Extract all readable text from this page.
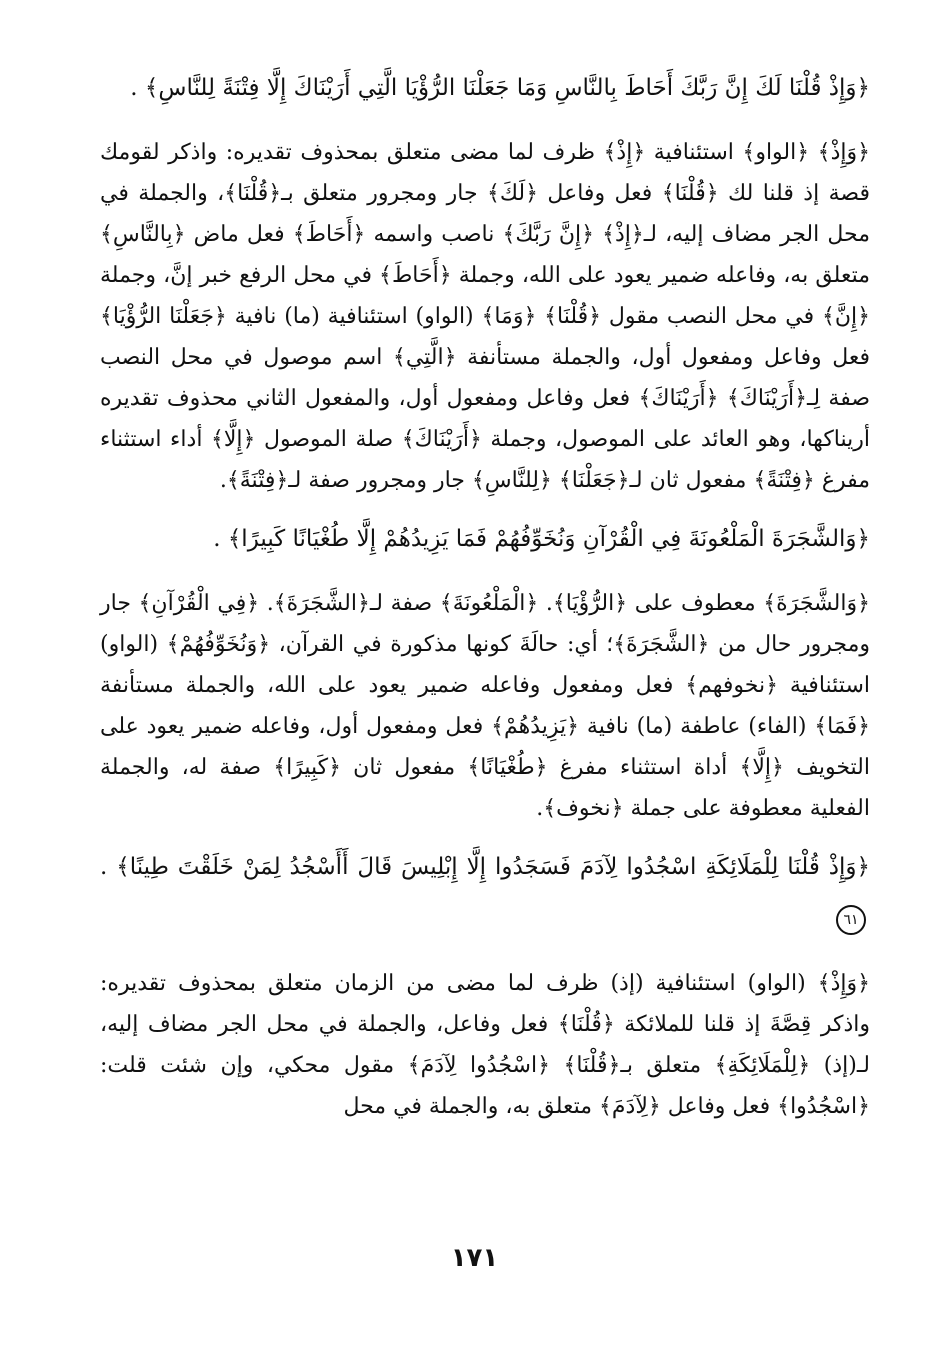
﴿وَإِذْ قُلْنَا لَكَ إِنَّ رَبَّكَ أَحَاطَ بِالنَّاسِ وَمَا جَعَلْنَا الرُّؤْيَا الَّتِي أَرَيْنَاكَ إِلَّا فِتْنَةً لِلنَّاسِ﴾ .

﴿وَإِذْ﴾ ﴿الواو﴾ استئنافية ﴿إِذْ﴾ ظرف لما مضى متعلق بمحذوف تقديره: واذكر لقومك قصة إذ قلنا لك ﴿قُلْنَا﴾ فعل وفاعل ﴿لَكَ﴾ جار ومجرور متعلق بـ﴿قُلْنَا﴾، والجملة في محل الجر مضاف إليه، لـ﴿إِذْ﴾ ﴿إِنَّ رَبَّكَ﴾ ناصب واسمه ﴿أَحَاطَ﴾ فعل ماض ﴿بِالنَّاسِ﴾ متعلق به، وفاعله ضمير يعود على الله، وجملة ﴿أَحَاطَ﴾ في محل الرفع خبر إنَّ، وجملة ﴿إِنَّ﴾ في محل النصب مقول ﴿قُلْنَا﴾ ﴿وَمَا﴾ (الواو) استئنافية (ما) نافية ﴿جَعَلْنَا الرُّؤْيَا﴾ فعل وفاعل ومفعول أول، والجملة مستأنفة ﴿الَّتِي﴾ اسم موصول في محل النصب صفة لِـ﴿أَرَيْنَاكَ﴾ ﴿أَرَيْنَاكَ﴾ فعل وفاعل ومفعول أول، والمفعول الثاني محذوف تقديره أريناكها، وهو العائد على الموصول، وجملة ﴿أَرَيْنَاكَ﴾ صلة الموصول ﴿إِلَّا﴾ أداء استثناء مفرغ ﴿فِتْنَةً﴾ مفعول ثان لـ﴿جَعَلْنَا﴾ ﴿لِلنَّاسِ﴾ جار ومجرور صفة لـ﴿فِتْنَةً﴾.

﴿وَالشَّجَرَةَ الْمَلْعُونَةَ فِي الْقُرْآنِ وَنُخَوِّفُهُمْ فَمَا يَزِيدُهُمْ إِلَّا طُغْيَانًا كَبِيرًا﴾ .

﴿وَالشَّجَرَةَ﴾ معطوف على ﴿الرُّؤْيَا﴾. ﴿الْمَلْعُونَةَ﴾ صفة لـ﴿الشَّجَرَةَ﴾. ﴿فِي الْقُرْآنِ﴾ جار ومجرور حال من ﴿الشَّجَرَةَ﴾؛ أي: حالَةَ كونها مذكورة في القرآن، ﴿وَنُخَوِّفُهُمْ﴾ (الواو) استئنافية ﴿نخوفهم﴾ فعل ومفعول وفاعله ضمير يعود على الله، والجملة مستأنفة ﴿فَمَا﴾ (الفاء) عاطفة (ما) نافية ﴿يَزِيدُهُمْ﴾ فعل ومفعول أول، وفاعله ضمير يعود على التخويف ﴿إِلَّا﴾ أداة استثناء مفرغ ﴿طُغْيَانًا﴾ مفعول ثان ﴿كَبِيرًا﴾ صفة له، والجملة الفعلية معطوفة على جملة ﴿نخوف﴾.

﴿وَإِذْ قُلْنَا لِلْمَلَائِكَةِ اسْجُدُوا لِآدَمَ فَسَجَدُوا إِلَّا إِبْلِيسَ قَالَ أَأَسْجُدُ لِمَنْ خَلَقْتَ طِينًا﴾ . ٦١

﴿وَإِذْ﴾ (الواو) استئنافية (إذ) ظرف لما مضى من الزمان متعلق بمحذوف تقديره: واذكر قِصَّةَ إذ قلنا للملائكة ﴿قُلْنَا﴾ فعل وفاعل، والجملة في محل الجر مضاف إليه، لـ(إذ) ﴿لِلْمَلَائِكَةِ﴾ متعلق بـ﴿قُلْنَا﴾ ﴿اسْجُدُوا لِآدَمَ﴾ مقول محكي، وإن شئت قلت: ﴿اسْجُدُوا﴾ فعل وفاعل ﴿لِآدَمَ﴾ متعلق به، والجملة في محل

١٧١
